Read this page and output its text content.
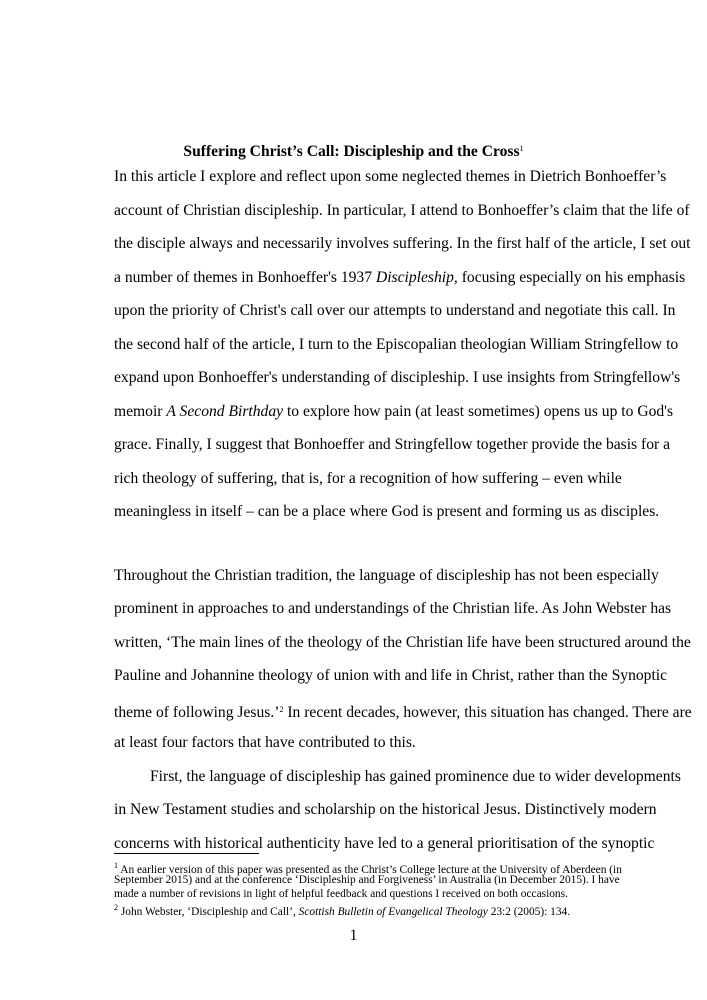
Suffering Christ’s Call: Discipleship and the Cross$^1$
In this article I explore and reflect upon some neglected themes in Dietrich Bonhoeffer’s
account of Christian discipleship. In particular, I attend to Bonhoeffer’s claim that the life of
the disciple always and necessarily involves suffering. In the first half of the article, I set out
a number of themes in Bonhoeffer's 1937 Discipleship, focusing especially on his emphasis
upon the priority of Christ's call over our attempts to understand and negotiate this call. In
the second half of the article, I turn to the Episcopalian theologian William Stringfellow to
expand upon Bonhoeffer's understanding of discipleship. I use insights from Stringfellow's
memoir A Second Birthday to explore how pain (at least sometimes) opens us up to God's
grace. Finally, I suggest that Bonhoeffer and Stringfellow together provide the basis for a
rich theology of suffering, that is, for a recognition of how suffering – even while
meaningless in itself – can be a place where God is present and forming us as disciples.
Throughout the Christian tradition, the language of discipleship has not been especially
prominent in approaches to and understandings of the Christian life. As John Webster has
written, ‘The main lines of the theology of the Christian life have been structured around the
Pauline and Johannine theology of union with and life in Christ, rather than the Synoptic
theme of following Jesus.’$^2$ In recent decades, however, this situation has changed. There are
at least four factors that have contributed to this.
First, the language of discipleship has gained prominence due to wider developments
in New Testament studies and scholarship on the historical Jesus. Distinctively modern
concerns with historical authenticity have led to a general prioritisation of the synoptic
$^1$ An earlier version of this paper was presented as the Christ’s College lecture at the University of Aberdeen (in
September 2015) and at the conference ‘Discipleship and Forgiveness’ in Australia (in December 2015). I have
made a number of revisions in light of helpful feedback and questions I received on both occasions.
$^2$ John Webster, ‘Discipleship and Call’, Scottish Bulletin of Evangelical Theology 23:2 (2005): 134.
1
